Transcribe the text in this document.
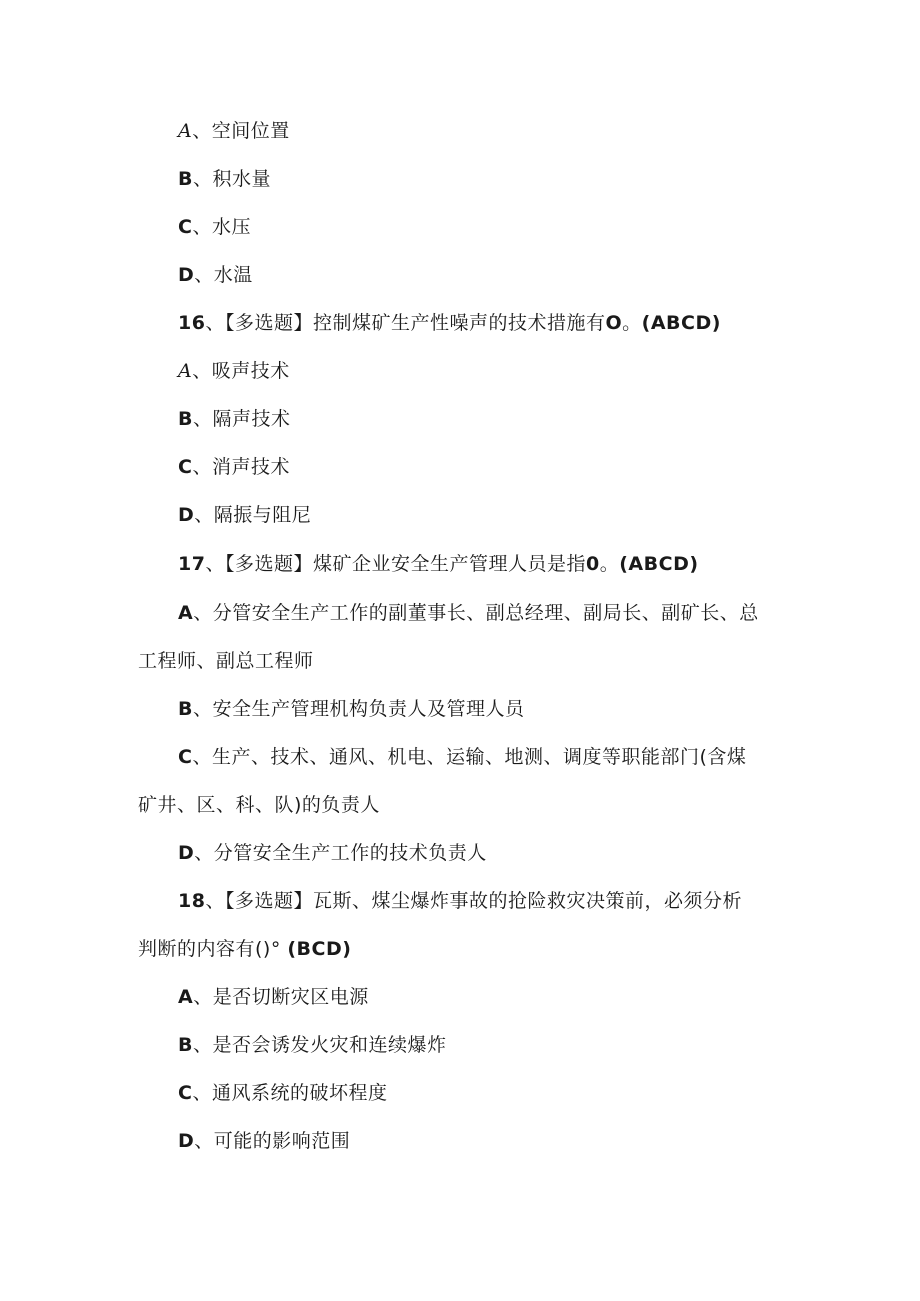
A、空间位置
B、积水量
C、水压
D、水温
16、【多选题】控制煤矿生产性噪声的技术措施有O。(ABCD)
A、吸声技术
B、隔声技术
C、消声技术
D、隔振与阻尼
17、【多选题】煤矿企业安全生产管理人员是指0。(ABCD)
A、分管安全生产工作的副董事长、副总经理、副局长、副矿长、总
工程师、副总工程师
B、安全生产管理机构负责人及管理人员
C、生产、技术、通风、机电、运输、地测、调度等职能部门(含煤
矿井、区、科、队)的负责人
D、分管安全生产工作的技术负责人
18、【多选题】瓦斯、煤尘爆炸事故的抢险救灾决策前，必须分析
判断的内容有()° (BCD)
A、是否切断灾区电源
B、是否会诱发火灾和连续爆炸
C、通风系统的破坏程度
D、可能的影响范围
